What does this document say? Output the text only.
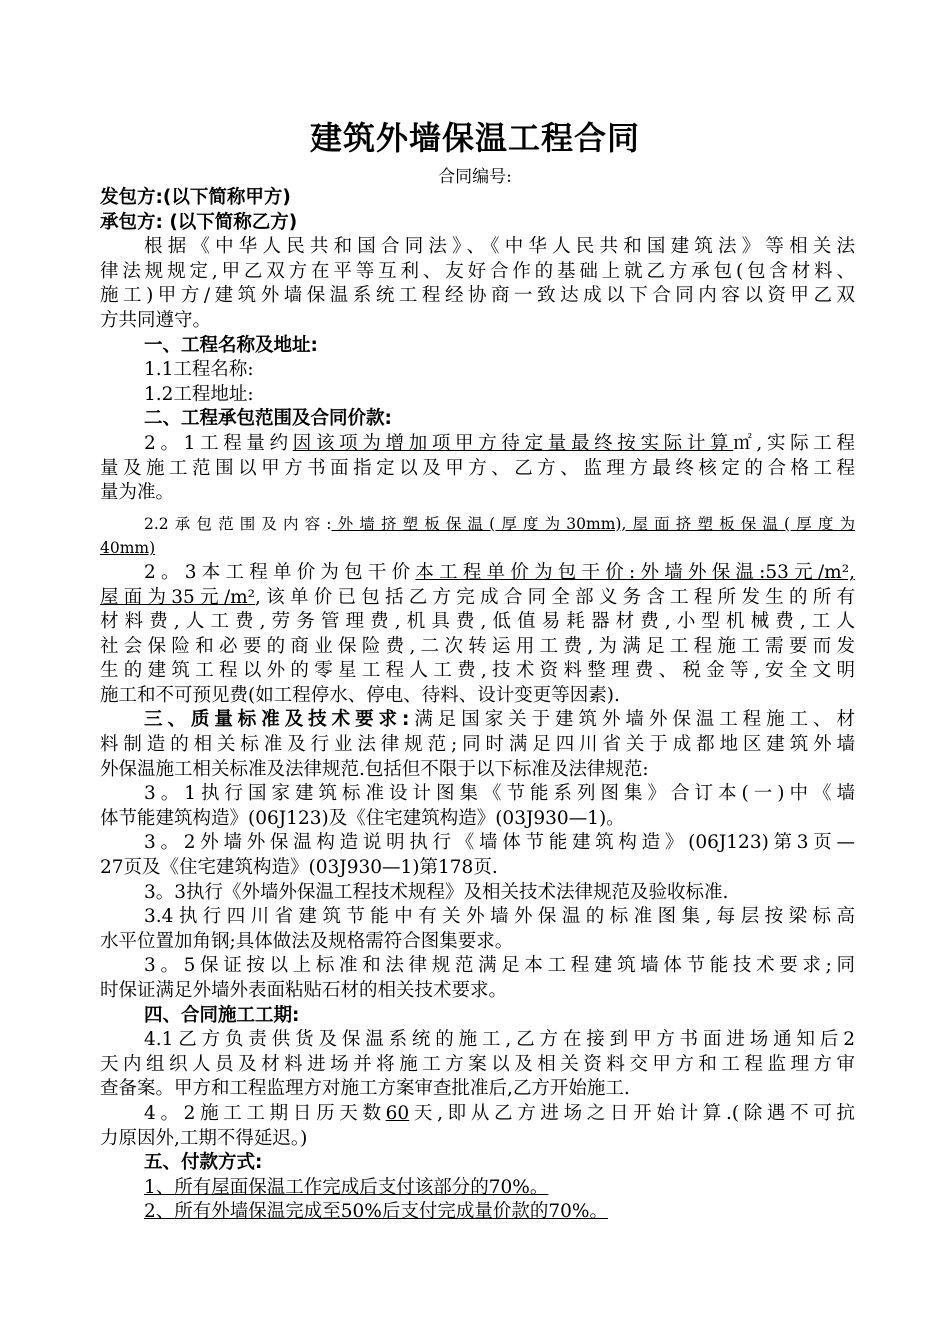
建筑外墙保温工程合同
合同编号:
发包方:(以下简称甲方)
承包方: (以下简称乙方)
根据《中华人民共和国合同法》、《中华人民共和国建筑法》等相关法
律法规规定,甲乙双方在平等互利、友好合作的基础上就乙方承包(包含材料、
施工)甲方/建筑外墙保温系统工程经协商一致达成以下合同内容以资甲乙双
方共同遵守。
一、工程名称及地址:
1.1工程名称:
1.2工程地址:
二、工程承包范围及合同价款:
2。1工程量约因该项为增加项甲方待定量最终按实际计算㎡,实际工程
量及施工范围以甲方书面指定以及甲方、乙方、监理方最终核定的合格工程
量为准。
2.2承包范围及内容:外墙挤塑板保温(厚度为30mm),屋面挤塑板保温(厚度为
40mm)
2。3本工程单价为包干价本工程单价为包干价:外墙外保温:53元/m²,
屋面为35元/m²,该单价已包括乙方完成合同全部义务含工程所发生的所有
材料费,人工费,劳务管理费,机具费,低值易耗器材费,小型机械费,工人
社会保险和必要的商业保险费,二次转运用工费,为满足工程施工需要而发
生的建筑工程以外的零星工程人工费,技术资料整理费、税金等,安全文明
施工和不可预见费(如工程停水、停电、待料、设计变更等因素).
三、质量标准及技术要求:满足国家关于建筑外墙外保温工程施工、材
料制造的相关标准及行业法律规范;同时满足四川省关于成都地区建筑外墙
外保温施工相关标准及法律规范.包括但不限于以下标准及法律规范:
3。1执行国家建筑标准设计图集《节能系列图集》合订本(一)中《墙
体节能建筑构造》(06J123)及《住宅建筑构造》(03J930—1)。
3。2外墙外保温构造说明执行《墙体节能建筑构造》(06J123)第3页—
27页及《住宅建筑构造》(03J930—1)第178页.
3。3执行《外墙外保温工程技术规程》及相关技术法律规范及验收标准.
3.4执行四川省建筑节能中有关外墙外保温的标准图集,每层按梁标高
水平位置加角钢;具体做法及规格需符合图集要求。
3。5保证按以上标准和法律规范满足本工程建筑墙体节能技术要求;同
时保证满足外墙外表面粘贴石材的相关技术要求。
四、合同施工工期:
4.1乙方负责供货及保温系统的施工,乙方在接到甲方书面进场通知后2
天内组织人员及材料进场并将施工方案以及相关资料交甲方和工程监理方审
查备案。甲方和工程监理方对施工方案审查批准后,乙方开始施工.
4。2施工工期日历天数60天,即从乙方进场之日开始计算.(除遇不可抗
力原因外,工期不得延迟。)
五、付款方式:
1、所有屋面保温工作完成后支付该部分的70%。
2、所有外墙保温完成至50%后支付完成量价款的70%。
